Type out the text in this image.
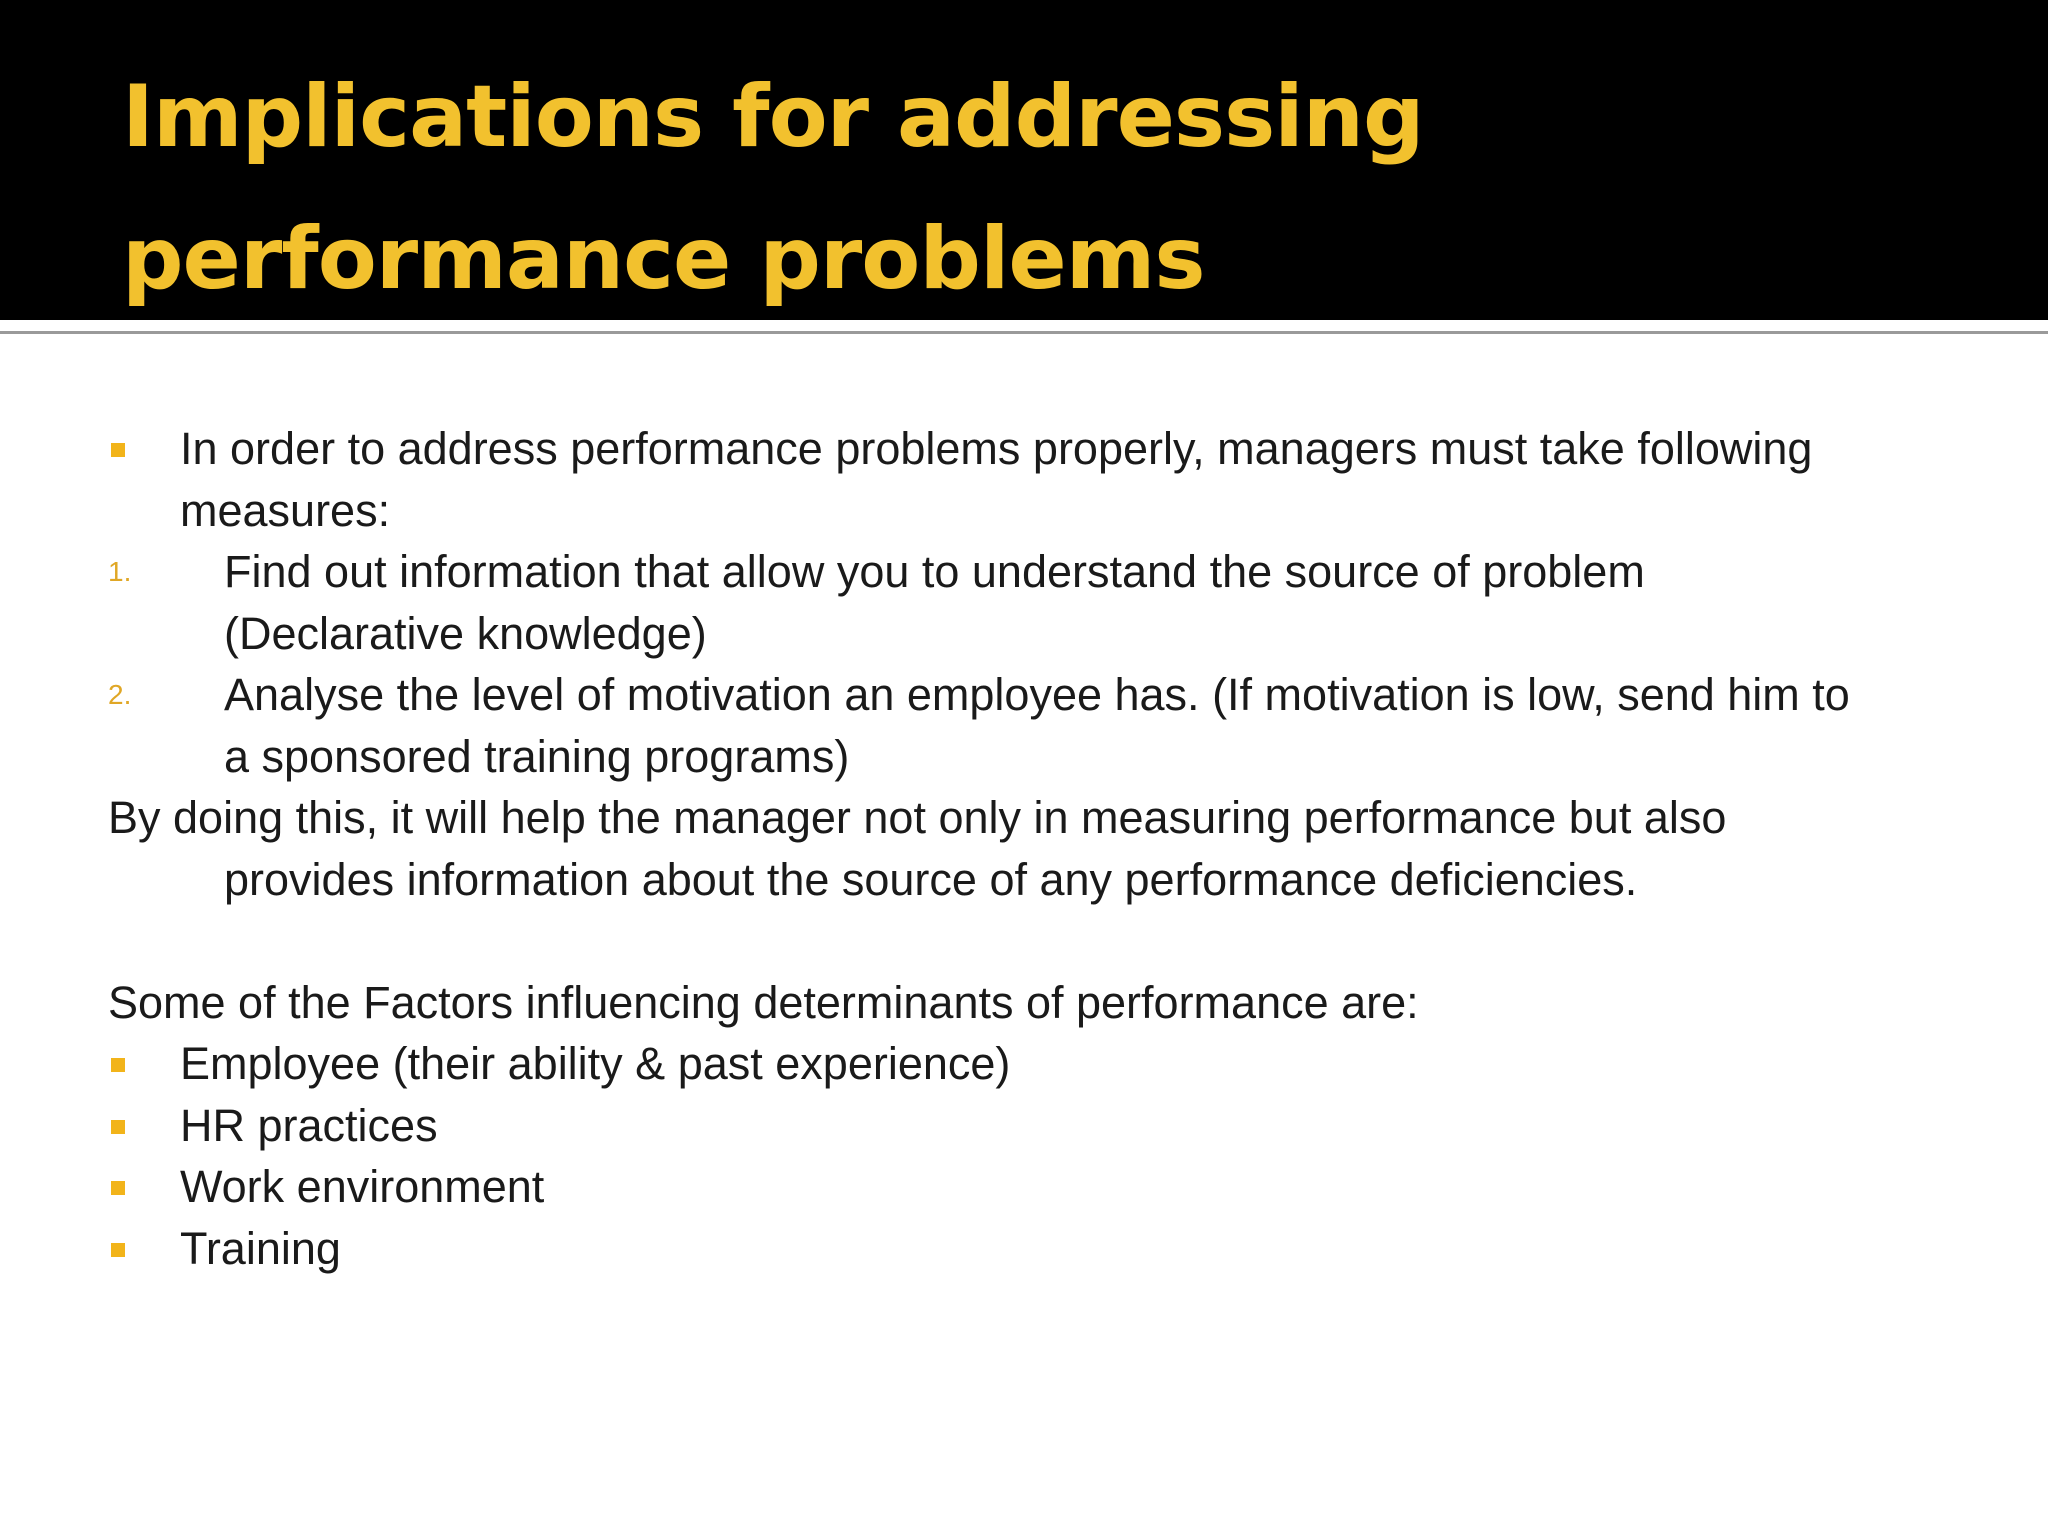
Implications for addressing
performance problems
In order to address performance problems properly, managers must take following
measures:
1. Find out information that allow you to understand the source of problem
(Declarative knowledge)
2. Analyse the level of motivation an employee has. (If motivation is low, send him to
a sponsored training programs)
By doing this, it will help the manager not only in measuring performance but also
provides information about the source of any performance deficiencies.
Some of the Factors influencing determinants of performance are:
Employee (their ability & past experience)
HR practices
Work environment
Training
